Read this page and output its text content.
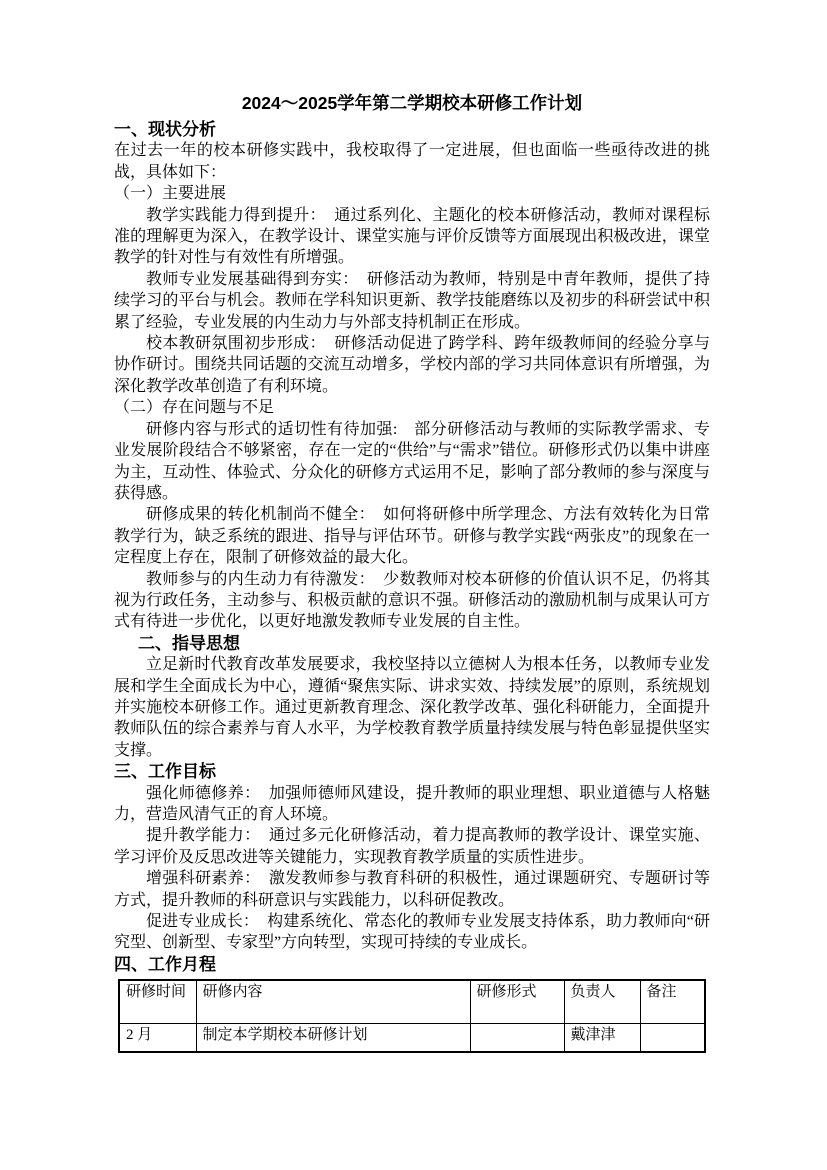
2024～2025学年第二学期校本研修工作计划
一、现状分析

在过去一年的校本研修实践中，我校取得了一定进展，但也面临一些亟待改进的挑战，具体如下：

（一）主要进展

教学实践能力得到提升：　通过系列化、主题化的校本研修活动，教师对课程标准的理解更为深入，在教学设计、课堂实施与评价反馈等方面展现出积极改进，课堂教学的针对性与有效性有所增强。

教师专业发展基础得到夯实：　研修活动为教师，特别是中青年教师，提供了持续学习的平台与机会。教师在学科知识更新、教学技能磨练以及初步的科研尝试中积累了经验，专业发展的内生动力与外部支持机制正在形成。

校本教研氛围初步形成：　研修活动促进了跨学科、跨年级教师间的经验分享与协作研讨。围绕共同话题的交流互动增多，学校内部的学习共同体意识有所增强，为深化教学改革创造了有利环境。

（二）存在问题与不足

研修内容与形式的适切性有待加强:　部分研修活动与教师的实际教学需求、专业发展阶段结合不够紧密，存在一定的“供给”与“需求”错位。研修形式仍以集中讲座为主，互动性、体验式、分众化的研修方式运用不足，影响了部分教师的参与深度与获得感。

研修成果的转化机制尚不健全：　如何将研修中所学理念、方法有效转化为日常教学行为，缺乏系统的跟进、指导与评估环节。研修与教学实践“两张皮”的现象在一定程度上存在，限制了研修效益的最大化。

教师参与的内生动力有待激发：　少数教师对校本研修的价值认识不足，仍将其视为行政任务，主动参与、积极贡献的意识不强。研修活动的激励机制与成果认可方式有待进一步优化，以更好地激发教师专业发展的自主性。

二、指导思想

立足新时代教育改革发展要求，我校坚持以立德树人为根本任务，以教师专业发展和学生全面成长为中心，遵循“聚焦实际、讲求实效、持续发展”的原则，系统规划并实施校本研修工作。通过更新教育理念、深化教学改革、强化科研能力，全面提升教师队伍的综合素养与育人水平，为学校教育教学质量持续发展与特色彰显提供坚实支撑。

三、工作目标

强化师德修养：　加强师德师风建设，提升教师的职业理想、职业道德与人格魅力，营造风清气正的育人环境。

提升教学能力：　通过多元化研修活动，着力提高教师的教学设计、课堂实施、学习评价及反思改进等关键能力，实现教育教学质量的实质性进步。

增强科研素养：　激发教师参与教育科研的积极性，通过课题研究、专题研讨等方式，提升教师的科研意识与实践能力，以科研促教改。

促进专业成长：　构建系统化、常态化的教师专业发展支持体系，助力教师向“研究型、创新型、专家型”方向转型，实现可持续的专业成长。

四、工作月程
研修时间	研修内容	研修形式	负责人	备注
2 月	制定本学期校本研修计划		戴津津	
